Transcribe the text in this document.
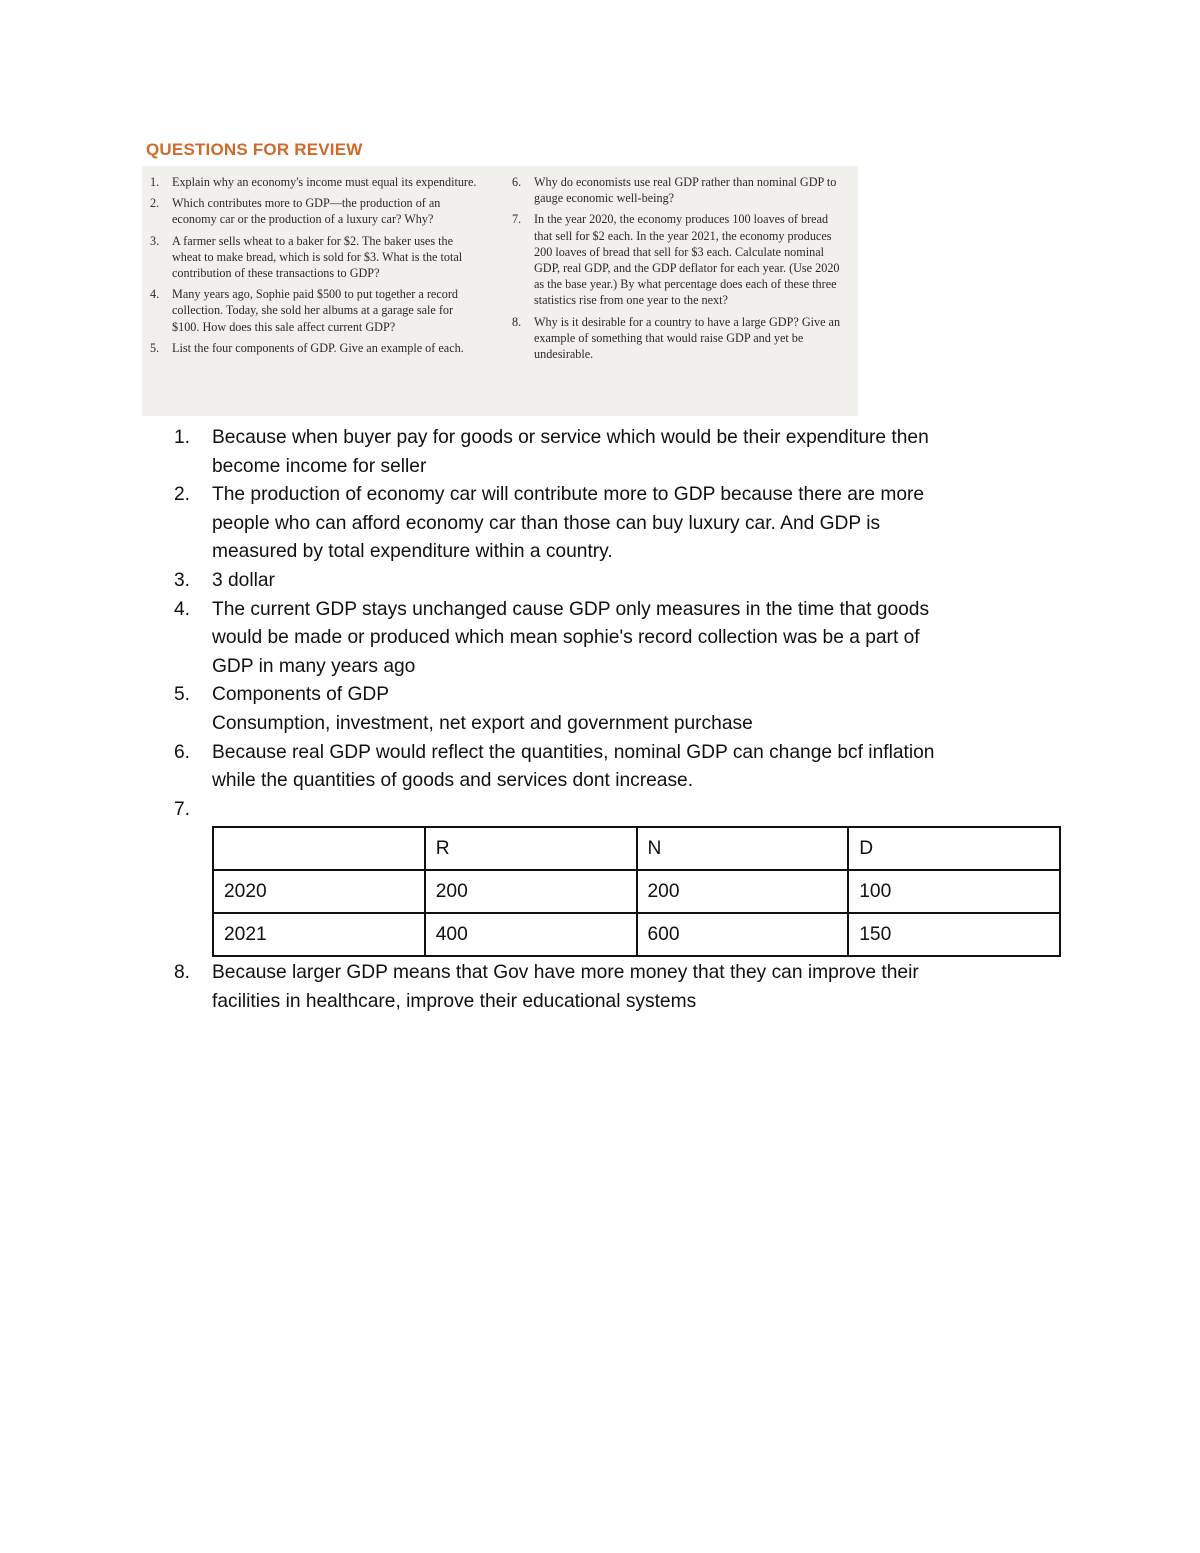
QUESTIONS FOR REVIEW
1. Explain why an economy's income must equal its expenditure.
2. Which contributes more to GDP—the production of an economy car or the production of a luxury car? Why?
3. A farmer sells wheat to a baker for $2. The baker uses the wheat to make bread, which is sold for $3. What is the total contribution of these transactions to GDP?
4. Many years ago, Sophie paid $500 to put together a record collection. Today, she sold her albums at a garage sale for $100. How does this sale affect current GDP?
5. List the four components of GDP. Give an example of each.
6. Why do economists use real GDP rather than nominal GDP to gauge economic well-being?
7. In the year 2020, the economy produces 100 loaves of bread that sell for $2 each. In the year 2021, the economy produces 200 loaves of bread that sell for $3 each. Calculate nominal GDP, real GDP, and the GDP deflator for each year. (Use 2020 as the base year.) By what percentage does each of these three statistics rise from one year to the next?
8. Why is it desirable for a country to have a large GDP? Give an example of something that would raise GDP and yet be undesirable.
1. Because when buyer pay for goods or service which would be their expenditure then
become income for seller
2. The production of economy car will contribute more to GDP because there are more
people who can afford economy car than those can buy luxury car. And GDP is
measured by total expenditure within a country.
3. 3 dollar
4. The current GDP stays unchanged cause GDP only measures in the time that goods
would be made or produced which mean sophie's record collection was be a part of
GDP in many years ago
5. Components of GDP
Consumption, investment, net export and government purchase
6. Because real GDP would reflect the quantities, nominal GDP can change bcf inflation
while the quantities of goods and services dont increase.
7.
	R	N	D
2020	200	200	100
2021	400	600	150
8. Because larger GDP means that Gov have more money that they can improve their
facilities in healthcare, improve their educational systems
